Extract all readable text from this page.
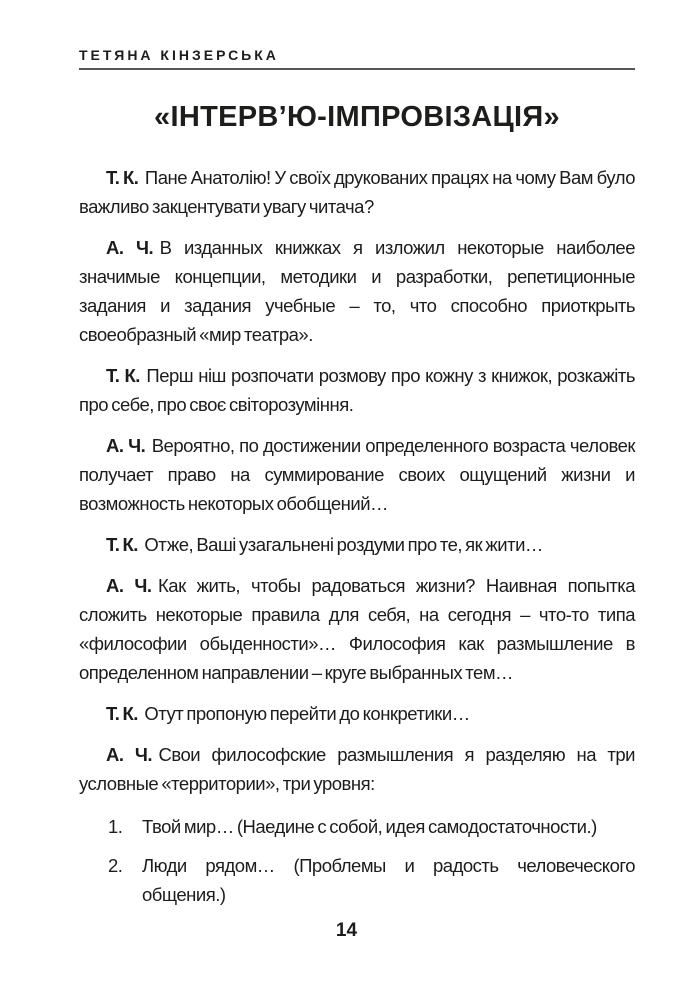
ТЕТЯНА КІНЗЕРСЬКА
«ІНТЕРВ’Ю-ІМПРОВІЗАЦІЯ»

Т. К. Пане Анатолію! У своїх друкованих працях на чому Вам було важливо закцентувати увагу читача?

А. Ч. В изданных книжках я изложил некоторые наиболее значимые концепции, методики и разработки, репетиционные задания и задания учебные – то, что способно приоткрыть своеобразный «мир театра».

Т. К. Перш ніш розпочати розмову про кожну з книжок, розкажіть про себе, про своє світорозуміння.

А. Ч. Вероятно, по достижении определенного возраста человек получает право на суммирование своих ощущений жизни и возможность некоторых обобщений…

Т. К. Отже, Ваші узагальнені роздуми про те, як жити…

А. Ч. Как жить, чтобы радоваться жизни? Наивная попытка сложить некоторые правила для себя, на сегодня – что-то типа «философии обыденности»… Философия как размышление в определенном направлении – круге выбранных тем…

Т. К. Отут пропоную перейти до конкретики…

А. Ч. Свои философские размышления я разделяю на три условные «территории», три уровня:

1. Твой мир… (Наедине с собой, идея самодостаточности.)
2. Люди рядом… (Проблемы и радость человеческого общения.)
14
